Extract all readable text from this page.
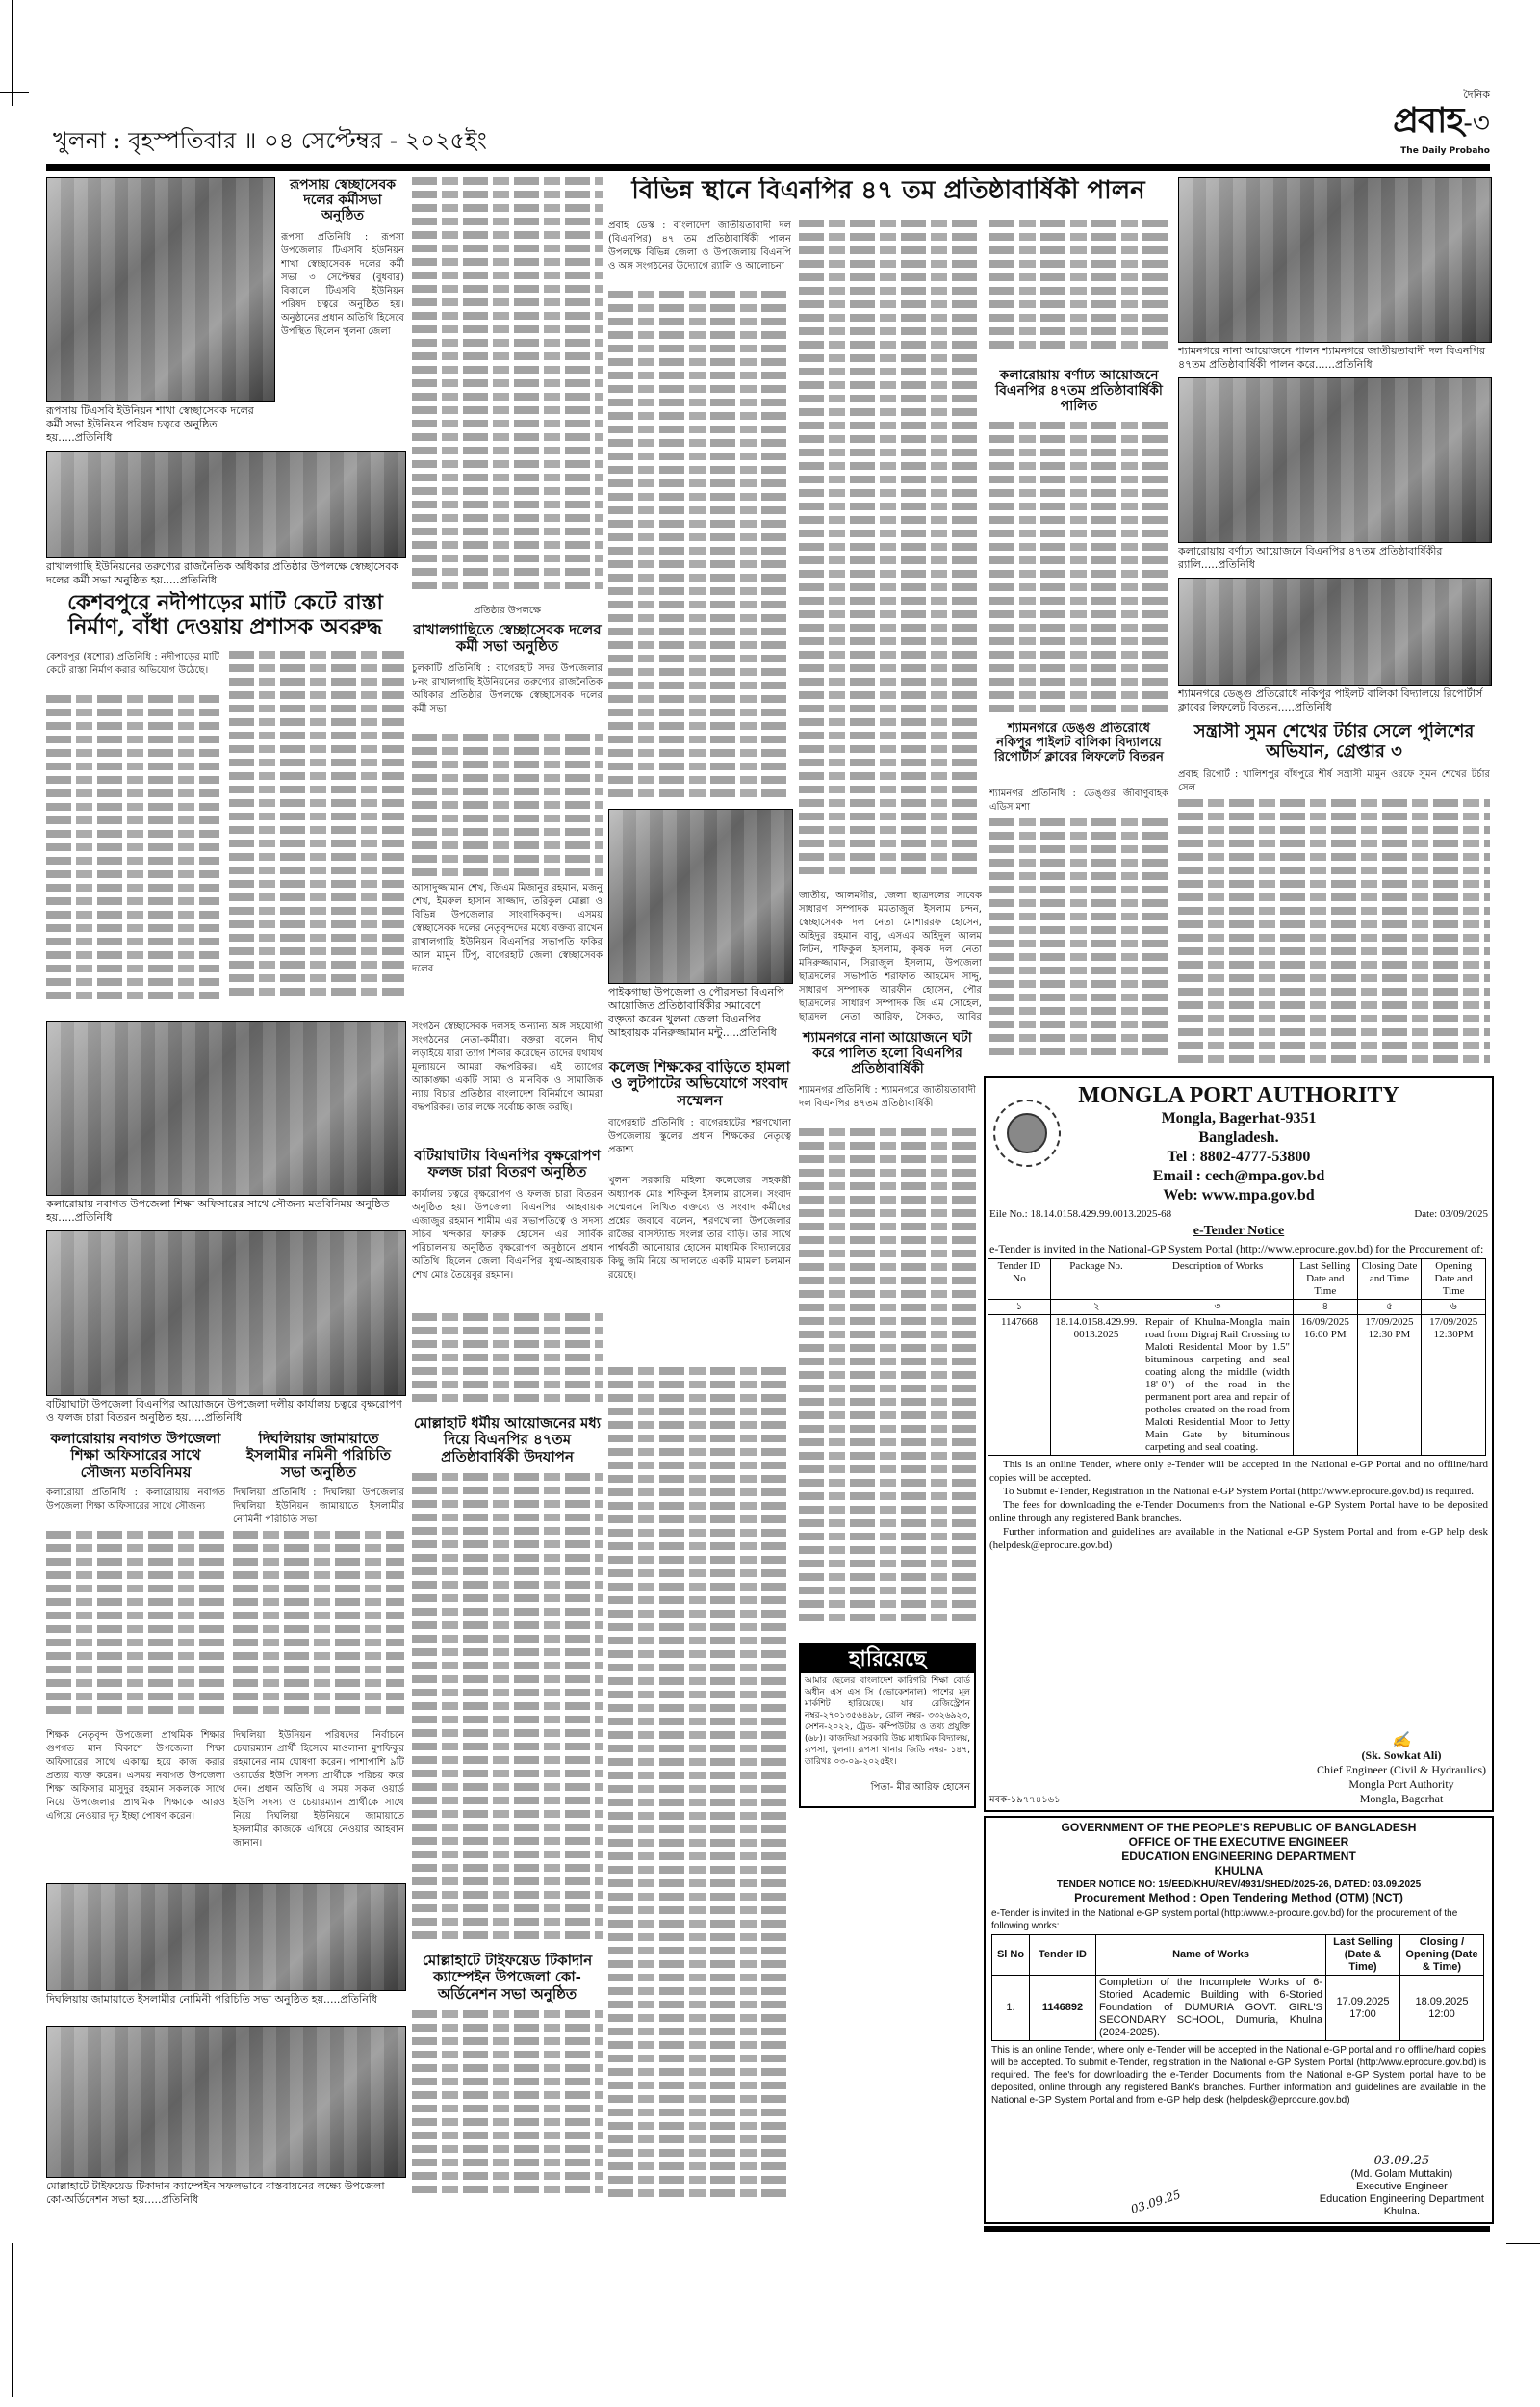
খুলনা : বৃহস্পতিবার ॥ ০৪ সেপ্টেম্বর - ২০২৫ইং
দৈনিক
প্রবাহ-৩
The Daily Probaho
রূপসায় টিএসবি ইউনিয়ন শাখা স্বেচ্ছাসেবক দলের কর্মী সভা ইউনিয়ন পরিষদ চত্বরে অনুষ্ঠিত হয়.....প্রতিনিধি
রূপসায় স্বেচ্ছাসেবক দলের কর্মীসভা অনুষ্ঠিত
রূপসা প্রতিনিধি : রূপসা উপজেলার টিএসবি ইউনিয়ন শাখা স্বেচ্ছাসেবক দলের কর্মী সভা ৩ সেপ্টেম্বর (বুধবার) বিকালে টিএসবি ইউনিয়ন পরিষদ চত্বরে অনুষ্ঠিত হয়। অনুষ্ঠানের প্রধান অতিথি হিসেবে উপস্থিত ছিলেন খুলনা জেলা
রাখালগাছি ইউনিয়নের তরুণ্যের রাজনৈতিক অধিকার প্রতিষ্ঠার উপলক্ষে স্বেচ্ছাসেবক দলের কর্মী সভা অনুষ্ঠিত হয়.....প্রতিনিধি
কেশবপুরে নদীপাড়ের মাটি কেটে রাস্তা নির্মাণ, বাঁধা দেওয়ায় প্রশাসক অবরুদ্ধ
কেশবপুর (যশোর) প্রতিনিধি : নদীপাড়ের মাটি কেটে রাস্তা নির্মাণ করার অভিযোগ উঠেছে।
কলারোয়ায় নবাগত উপজেলা শিক্ষা অফিসারের সাথে সৌজন্য মতবিনিময় অনুষ্ঠিত হয়.....প্রতিনিধি
বটিয়াঘাটা উপজেলা বিএনপির আয়োজনে উপজেলা দলীয় কার্যালয় চত্বরে বৃক্ষরোপণ ও ফলজ চারা বিতরন অনুষ্ঠিত হয়.....প্রতিনিধি
কলারোয়ায় নবাগত উপজেলা শিক্ষা অফিসারের সাথে সৌজন্য মতবিনিময়
কলারোয়া প্রতিনিধি : কলারোয়ায় নবাগত উপজেলা শিক্ষা অফিসারের সাথে সৌজন্য
শিক্ষক নেতৃবৃন্দ উপজেলা প্রাথমিক শিক্ষার গুণগত মান বিকাশে উপজেলা শিক্ষা অফিসারের সাথে একাত্ম হয়ে কাজ করার প্রত্যয় ব্যক্ত করেন। এসময় নবাগত উপজেলা শিক্ষা অফিসার মাসুদুর রহমান সকলকে সাথে নিয়ে উপজেলার প্রাথমিক শিক্ষাকে আরও এগিয়ে নেওয়ার দৃঢ় ইচ্ছা পোষণ করেন।
দিঘলিয়ায় জামায়াতে ইসলামীর নমিনী পরিচিতি সভা অনুষ্ঠিত
দিঘলিয়া প্রতিনিধি : দিঘলিয়া উপজেলার দিঘলিয়া ইউনিয়ন জামায়াতে ইসলামীর নোমিনী পরিচিতি সভা
দিঘলিয়া ইউনিয়ন পরিষদের নির্বাচনে চেয়ারম্যান প্রার্থী হিসেবে মাওলানা মুশফিকুর রহমানের নাম ঘোষণা করেন। পাশাপাশি ৯টি ওয়ার্ডের ইউপি সদস্য প্রার্থীকে পরিচয় করে দেন। প্রধান অতিথি এ সময় সকল ওয়ার্ড ইউপি সদস্য ও চেয়ারম্যান প্রার্থীকে সাথে নিয়ে দিঘলিয়া ইউনিয়নে জামায়াতে ইসলামীর কাজকে এগিয়ে নেওয়ার আহবান জানান।
দিঘলিয়ায় জামায়াতে ইসলামীর নোমিনী পরিচিতি সভা অনুষ্ঠিত হয়.....প্রতিনিধি
মোল্লাহাটে টাইফয়েড টিকাদান ক্যাম্পেইন সফলভাবে বাস্তবায়নের লক্ষ্যে উপজেলা কো-অর্ডিনেশন সভা হয়.....প্রতিনিধি
প্রতিষ্ঠার উপলক্ষে
রাখালগাছিতে স্বেচ্ছাসেবক দলের কর্মী সভা অনুষ্ঠিত
চুলকাটি প্রতিনিধি : বাগেরহাট সদর উপজেলার ৮নং রাখালগাছি ইউনিয়নের তরুণ্যের রাজনৈতিক অধিকার প্রতিষ্ঠার উপলক্ষে স্বেচ্ছাসেবক দলের কর্মী সভা
আসাদুজ্জামান শেখ, জিএম মিজানুর রহমান, মজনু শেখ, ইমরুল হাসান সাজ্জাদ, তরিকুল মোল্লা ও বিভিন্ন উপজেলার সাংবাদিকবৃন্দ। এসময় স্বেচ্ছাসেবক দলের নেতৃবৃন্দদের মধ্যে বক্তব্য রাখেন রাখালগাছি ইউনিয়ন বিএনপির সভাপতি ফকির আল মামুন টিপু, বাগেরহাট জেলা স্বেচ্ছাসেবক দলের
সংগঠন স্বেচ্ছাসেবক দলসহ অন্যান্য অঙ্গ সহযোগী সংগঠনের নেতা-কর্মীরা। বক্তরা বলেন দীর্ঘ লড়াইয়ে যারা ত্যাগ শিকার করেছেন তাদের যথাযথ মূল্যায়নে আমরা বদ্ধপরিকর। এই ত্যাগের আকাঙ্ক্ষা একটি সাম্য ও মানবিক ও সামাজিক ন্যায় বিচার প্রতিষ্ঠার বাংলাদেশ বিনির্মাণে আমরা বদ্ধপরিকর। তার লক্ষে সর্বোচ্চ কাজ করছি।
বটিয়াঘাটায় বিএনপির বৃক্ষরোপণ ফলজ চারা বিতরণ অনুষ্ঠিত
কার্যালয় চত্বরে বৃক্ষরোপণ ও ফলজ চারা বিতরন অনুষ্ঠিত হয়। উপজেলা বিএনপির আহবায়ক এজাজুর রহমান শামীম এর সভাপতিত্বে ও সদস্য সচিব খন্দকার ফারুক হোসেন এর সার্বিক পরিচালনায় অনুষ্ঠিত বৃক্ষরোপণ অনুষ্ঠানে প্রধান অতিথি ছিলেন জেলা বিএনপির যুগ্ম-আহবায়ক শেখ মোঃ তৈয়েবুর রহমান।
মোল্লাহাট ধর্মীয় আয়োজনের মধ্য দিয়ে বিএনপির ৪৭তম প্রতিষ্ঠাবার্ষিকী উদযাপন
মোল্লাহাটে টাইফয়েড টিকাদান ক্যাম্পেইন উপজেলা কো-অর্ডিনেশন সভা অনুষ্ঠিত
বিভিন্ন স্থানে বিএনপির ৪৭ তম প্রতিষ্ঠাবার্ষিকী পালন
প্রবাহ ডেস্ক : বাংলাদেশ জাতীয়তাবাদী দল (বিএনপির) ৪৭ তম প্রতিষ্ঠাবার্ষিকী পালন উপলক্ষে বিভিন্ন জেলা ও উপজেলায় বিএনপি ও অঙ্গ সংগঠনের উদ্যোগে র‌্যালি ও আলোচনা
জাতীয়, আলমগীর, জেলা ছাত্রদলের সাবেক সাধারণ সম্পাদক মমতাজুল ইসলাম চন্দন, স্বেচ্ছাসেবক দল নেতা মোশাররফ হোসেন, অহিদুর রহমান বাবু, এসএম অহিদুল আলম লিটন, শফিকুল ইসলাম, কৃষক দল নেতা মনিরুজ্জামান, সিরাজুল ইসলাম, উপজেলা ছাত্রদলের সভাপতি শরাফাত আহমেদ সাদ্দু, সাধারণ সম্পাদক আরফীন হোসেন, পৌর ছাত্রদলের সাধারণ সম্পাদক জি এম সোহেল, ছাত্রদল নেতা আরিফ, সৈকত, আবির
পাইকগাছা উপজেলা ও পৌরসভা বিএনপি আয়োজিত প্রতিষ্ঠাবার্ষিকীর সমাবেশে বক্তৃতা করেন খুলনা জেলা বিএনপির আহবায়ক মনিরুজ্জামান মন্টু.....প্রতিনিধি
কলেজ শিক্ষকের বাড়িতে হামলা ও লুটপাটের অভিযোগে সংবাদ সম্মেলন
বাগেরহাট প্রতিনিধি : বাগেরহাটের শরণখোলা উপজেলায় স্কুলের প্রধান শিক্ষকের নেতৃত্বে প্রকাশ্য
খুলনা সরকারি মহিলা কলেজের সহকারী অধ্যাপক মোঃ শফিকুল ইসলাম রাসেল। সংবাদ সম্মেলনে লিখিত বক্তব্যে ও সংবাদ কর্মীদের প্রশ্নের জবাবে বলেন, শরণখোলা উপজেলার রাজৈর বাসস্ট্যান্ড সংলগ্ন তার বাড়ি। তার সাথে পার্শ্ববর্তী আনোয়ার হোসেন মাধ্যমিক বিদ্যালয়ের কিছু জমি নিয়ে আদালতে একটি মামলা চলমান রয়েছে।
শ্যামনগরে নানা আয়োজনে ঘটা করে পালিত হলো বিএনপির প্রতিষ্ঠাবার্ষিকী
শ্যামনগর প্রতিনিধি : শ্যামনগরে জাতীয়তাবাদী দল বিএনপির ৪৭তম প্রতিষ্ঠাবার্ষিকী
হারিয়েছে
আমার ছেলের বাংলাদেশ কারিগরি শিক্ষা বোর্ড অধীন এস এস সি (ভোকেশনাল) পাশের মূল মার্কশিট হারিয়েছে। যার রেজিস্ট্রেশন নম্বর-২৭০১৩৫৬৪৯৮, রোল নম্বর- ৩৩২৬৯২৩, সেশন-২০২২, ট্রেড- কম্পিউটার ও তথ্য প্রযুক্তি (৬৮)। কাজদিয়া সরকারি উচ্চ মাধ্যমিক বিদ্যালয়, রূপসা, খুলনা। রূপসা থানার জিডি নম্বর- ১৪৭, তারিখঃ ০৩-০৯-২০২৫ইং।
পিতা- মীর আরিফ হোসেন
কলারোয়ায় বর্ণাঢ্য আয়োজনে বিএনপির ৪৭তম প্রতিষ্ঠাবার্ষিকী পালিত
শ্যামনগরে নানা আয়োজনে পালন শ্যামনগরে জাতীয়তাবাদী দল বিএনপির ৪৭তম প্রতিষ্ঠাবার্ষিকী পালন করে......প্রতিনিধি
কলারোয়ায় বর্ণাঢ্য আয়োজনে বিএনপির ৪৭তম প্রতিষ্ঠাবার্ষিকীর র‌্যালি.....প্রতিনিধি
শ্যামনগরে ডেঙ্গু প্রতিরোধে নকিপুর পাইলট বালিকা বিদ্যালয়ে রিপোর্টার্স ক্লাবের লিফলেট বিতরন.....প্রতিনিধি
শ্যামনগরে ডেঙ্গু প্রতিরোধে নকিপুর পাইলট বালিকা বিদ্যালয়ে রিপোর্টার্স ক্লাবের লিফলেট বিতরন
শ্যামনগর প্রতিনিধি : ডেঙ্গুর জীবাণুবাহক এডিস মশা
সন্ত্রাসী সুমন শেখের টর্চার সেলে পুলিশের অভিযান, গ্রেপ্তার ৩
প্রবাহ রিপোর্ট : খালিশপুর বাঁধপুরে শীর্ষ সন্ত্রাসী মামুন ওরফে সুমন শেখের টর্চার সেল
MONGLA PORT AUTHORITY
Mongla, Bagerhat-9351
Bangladesh.
Tel : 8802-4777-53800
Email : cech@mpa.gov.bd
Web: www.mpa.gov.bd
Eile No.: 18.14.0158.429.99.0013.2025-68	Date: 03/09/2025
e-Tender Notice
e-Tender is invited in the National-GP System Portal (http://www.eprocure.gov.bd) for the Procurement of:
Tender ID No	Package No.	Description of Works	Last Selling Date and Time	Closing Date and Time	Opening Date and Time
১	২	৩	৪	৫	৬
1147668	18.14.0158.429.99.0013.2025	Repair of Khulna-Mongla main road from Digraj Rail Crossing to Maloti Residental Moor by 1.5" bituminous carpeting and seal coating along the middle (width 18'-0") of the road in the permanent port area and repair of potholes created on the road from Maloti Residential Moor to Jetty Main Gate by bituminous carpeting and seal coating.	16/09/2025 16:00 PM	17/09/2025 12:30 PM	17/09/2025 12:30PM
This is an online Tender, where only e-Tender will be accepted in the National e-GP Portal and no offline/hard copies will be accepted.
To Submit e-Tender, Registration in the National e-GP System Portal (http://www.eprocure.gov.bd) is required.
The fees for downloading the e-Tender Documents from the National e-GP System Portal have to be deposited online through any registered Bank branches.
Further information and guidelines are available in the National e-GP System Portal and from e-GP help desk (helpdesk@eprocure.gov.bd)
✍
(Sk. Sowkat Ali)
Chief Engineer (Civil & Hydraulics)
Mongla Port Authority
Mongla, Bagerhat
মবক-১৯৭৭৪১৬১
GOVERNMENT OF THE PEOPLE'S REPUBLIC OF BANGLADESH
OFFICE OF THE EXECUTIVE ENGINEER
EDUCATION ENGINEERING DEPARTMENT
KHULNA
TENDER NOTICE NO: 15/EED/KHU/REV/4931/SHED/2025-26, DATED: 03.09.2025
Procurement Method : Open Tendering Method (OTM) (NCT)
e-Tender is invited in the National e-GP system portal (http:/www.e-procure.gov.bd) for the procurement of the following works:
Sl No	Tender ID	Name of Works	Last Selling (Date & Time)	Closing / Opening (Date & Time)
1.	1146892	Completion of the Incomplete Works of 6-Storied Academic Building with 6-Storied Foundation of DUMURIA GOVT. GIRL'S SECONDARY SCHOOL, Dumuria, Khulna (2024-2025).	17.09.2025 17:00	18.09.2025 12:00
This is an online Tender, where only e-Tender will be accepted in the National e-GP portal and no offline/hard copies will be accepted. To submit e-Tender, registration in the National e-GP System Portal (http:/www.eprocure.gov.bd) is required. The fee's for downloading the e-Tender Documents from the National e-GP System portal have to be deposited, online through any registered Bank's branches. Further information and guidelines are available in the National e-GP System Portal and from e-GP help desk (helpdesk@eprocure.gov.bd)
03.09.25
(Md. Golam Muttakin)
Executive Engineer
Education Engineering Department
Khulna.
03.09.25
